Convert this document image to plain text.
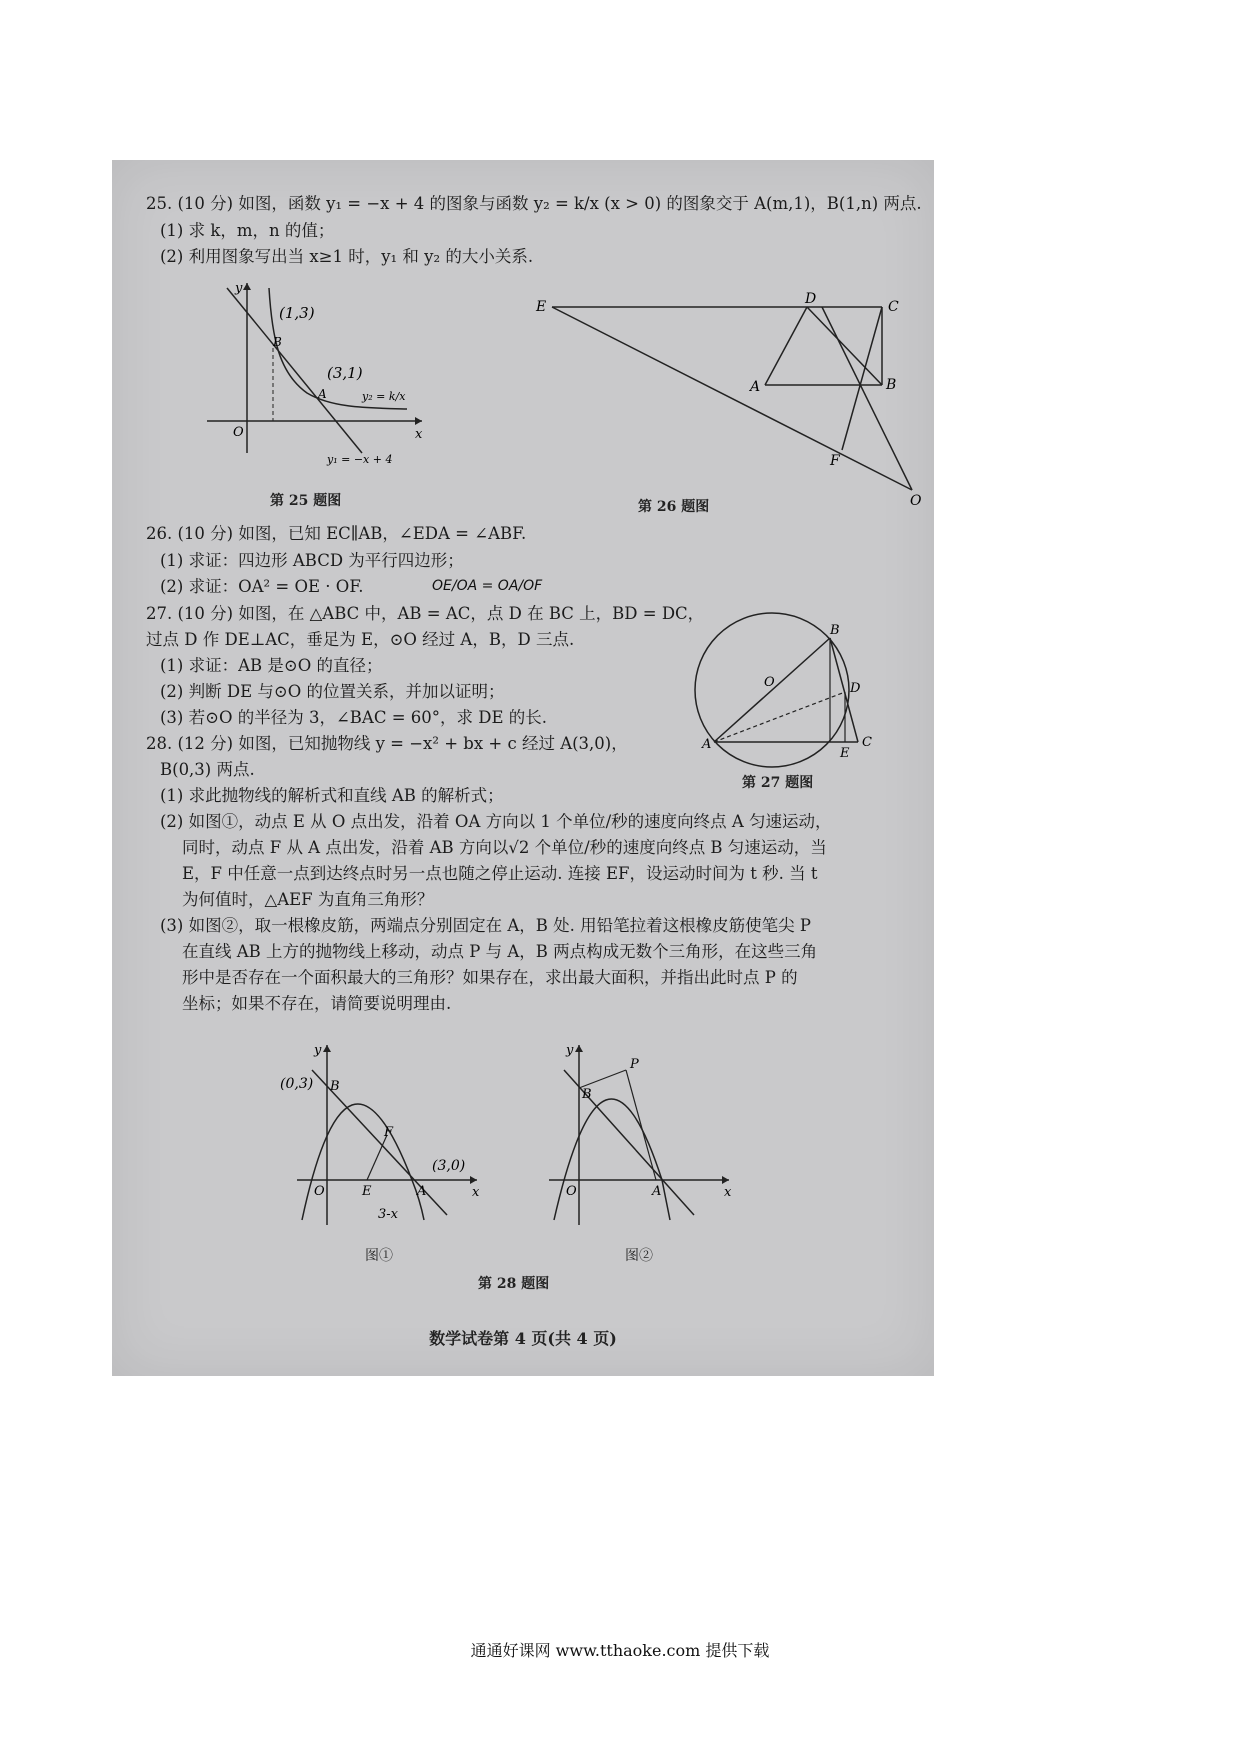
25. (10 分) 如图，函数 y₁ = −x + 4 的图象与函数 y₂ = k/x (x > 0) 的图象交于 A(m,1)，B(1,n) 两点.
(1) 求 k，m，n 的值；
(2) 利用图象写出当 x≥1 时，y₁ 和 y₂ 的大小关系.
x
y
O
B
A	y₂ = k/x
y₁ = −x + 4
(1,3)
(3,1)
第 25 题图
E	D	C
A	B
F
O
第 26 题图
26. (10 分) 如图，已知 EC∥AB，∠EDA = ∠ABF.
(1) 求证：四边形 ABCD 为平行四边形；
(2) 求证：OA² = OE · OF.	OE/OA = OA/OF
27. (10 分) 如图，在 △ABC 中，AB = AC，点 D 在 BC 上，BD = DC，
过点 D 作 DE⊥AC，垂足为 E，⊙O 经过 A，B，D 三点.
(1) 求证：AB 是⊙O 的直径；
(2) 判断 DE 与⊙O 的位置关系，并加以证明；
(3) 若⊙O 的半径为 3，∠BAC = 60°，求 DE 的长.
A
B
C
D
E
O
第 27 题图
28. (12 分) 如图，已知抛物线 y = −x² + bx + c 经过 A(3,0)，
B(0,3) 两点.
(1) 求此抛物线的解析式和直线 AB 的解析式；
(2) 如图①，动点 E 从 O 点出发，沿着 OA 方向以 1 个单位/秒的速度向终点 A 匀速运动，
同时，动点 F 从 A 点出发，沿着 AB 方向以√2 个单位/秒的速度向终点 B 匀速运动，当
E，F 中任意一点到达终点时另一点也随之停止运动. 连接 EF，设运动时间为 t 秒. 当 t
为何值时，△AEF 为直角三角形？
(3) 如图②，取一根橡皮筋，两端点分别固定在 A，B 处. 用铅笔拉着这根橡皮筋使笔尖 P
在直线 AB 上方的抛物线上移动，动点 P 与 A，B 两点构成无数个三角形，在这些三角
形中是否存在一个面积最大的三角形？如果存在，求出最大面积，并指出此时点 P 的
坐标；如果不存在，请简要说明理由.
O	x
y
B
E
F
A
(0,3)
(3,0)
3-x
图①
O	x
y
B
P
A
图②
第 28 题图
数学试卷第 4 页(共 4 页)
通通好课网 www.tthaoke.com 提供下载
